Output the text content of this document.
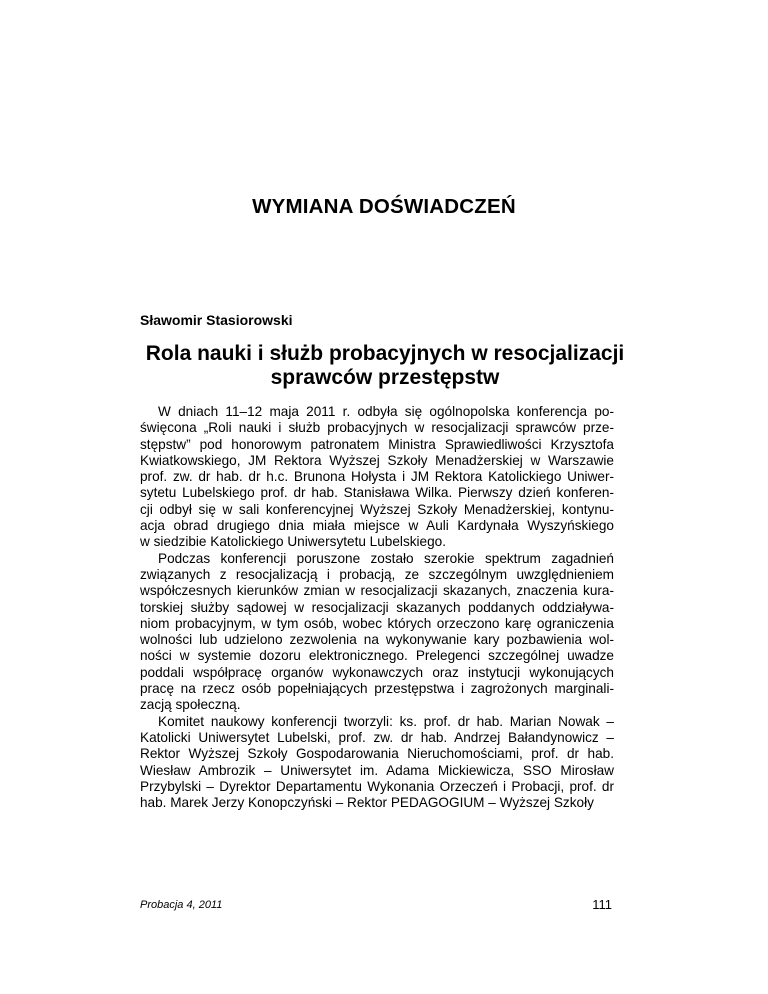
WYMIANA DOŚWIADCZEŃ
Sławomir Stasiorowski
Rola nauki i służb probacyjnych w resocjalizacji
sprawców przestępstw
W dniach 11–12 maja 2011 r. odbyła się ogólnopolska konferencja po-
święcona „Roli nauki i służb probacyjnych w resocjalizacji sprawców prze-
stępstw” pod honorowym patronatem Ministra Sprawiedliwości Krzysztofa
Kwiatkowskiego, JM Rektora Wyższej Szkoły Menadżerskiej w Warszawie
prof. zw. dr hab. dr h.c. Brunona Hołysta i JM Rektora Katolickiego Uniwer-
sytetu Lubelskiego prof. dr hab. Stanisława Wilka. Pierwszy dzień konferen-
cji odbył się w sali konferencyjnej Wyższej Szkoły Menadżerskiej, kontynu-
acja obrad drugiego dnia miała miejsce w Auli Kardynała Wyszyńskiego
w siedzibie Katolickiego Uniwersytetu Lubelskiego.
Podczas konferencji poruszone zostało szerokie spektrum zagadnień
związanych z resocjalizacją i probacją, ze szczególnym uwzględnieniem
współczesnych kierunków zmian w resocjalizacji skazanych, znaczenia kura-
torskiej służby sądowej w resocjalizacji skazanych poddanych oddziaływa-
niom probacyjnym, w tym osób, wobec których orzeczono karę ograniczenia
wolności lub udzielono zezwolenia na wykonywanie kary pozbawienia wol-
ności w systemie dozoru elektronicznego. Prelegenci szczególnej uwadze
poddali współpracę organów wykonawczych oraz instytucji wykonujących
pracę na rzecz osób popełniających przestępstwa i zagrożonych marginali-
zacją społeczną.
Komitet naukowy konferencji tworzyli: ks. prof. dr hab. Marian Nowak –
Katolicki Uniwersytet Lubelski, prof. zw. dr hab. Andrzej Bałandynowicz –
Rektor Wyższej Szkoły Gospodarowania Nieruchomościami, prof. dr hab.
Wiesław Ambrozik – Uniwersytet im. Adama Mickiewicza, SSO Mirosław
Przybylski – Dyrektor Departamentu Wykonania Orzeczeń i Probacji, prof. dr
hab. Marek Jerzy Konopczyński – Rektor PEDAGOGIUM – Wyższej Szkoły
Probacja 4, 2011	111
